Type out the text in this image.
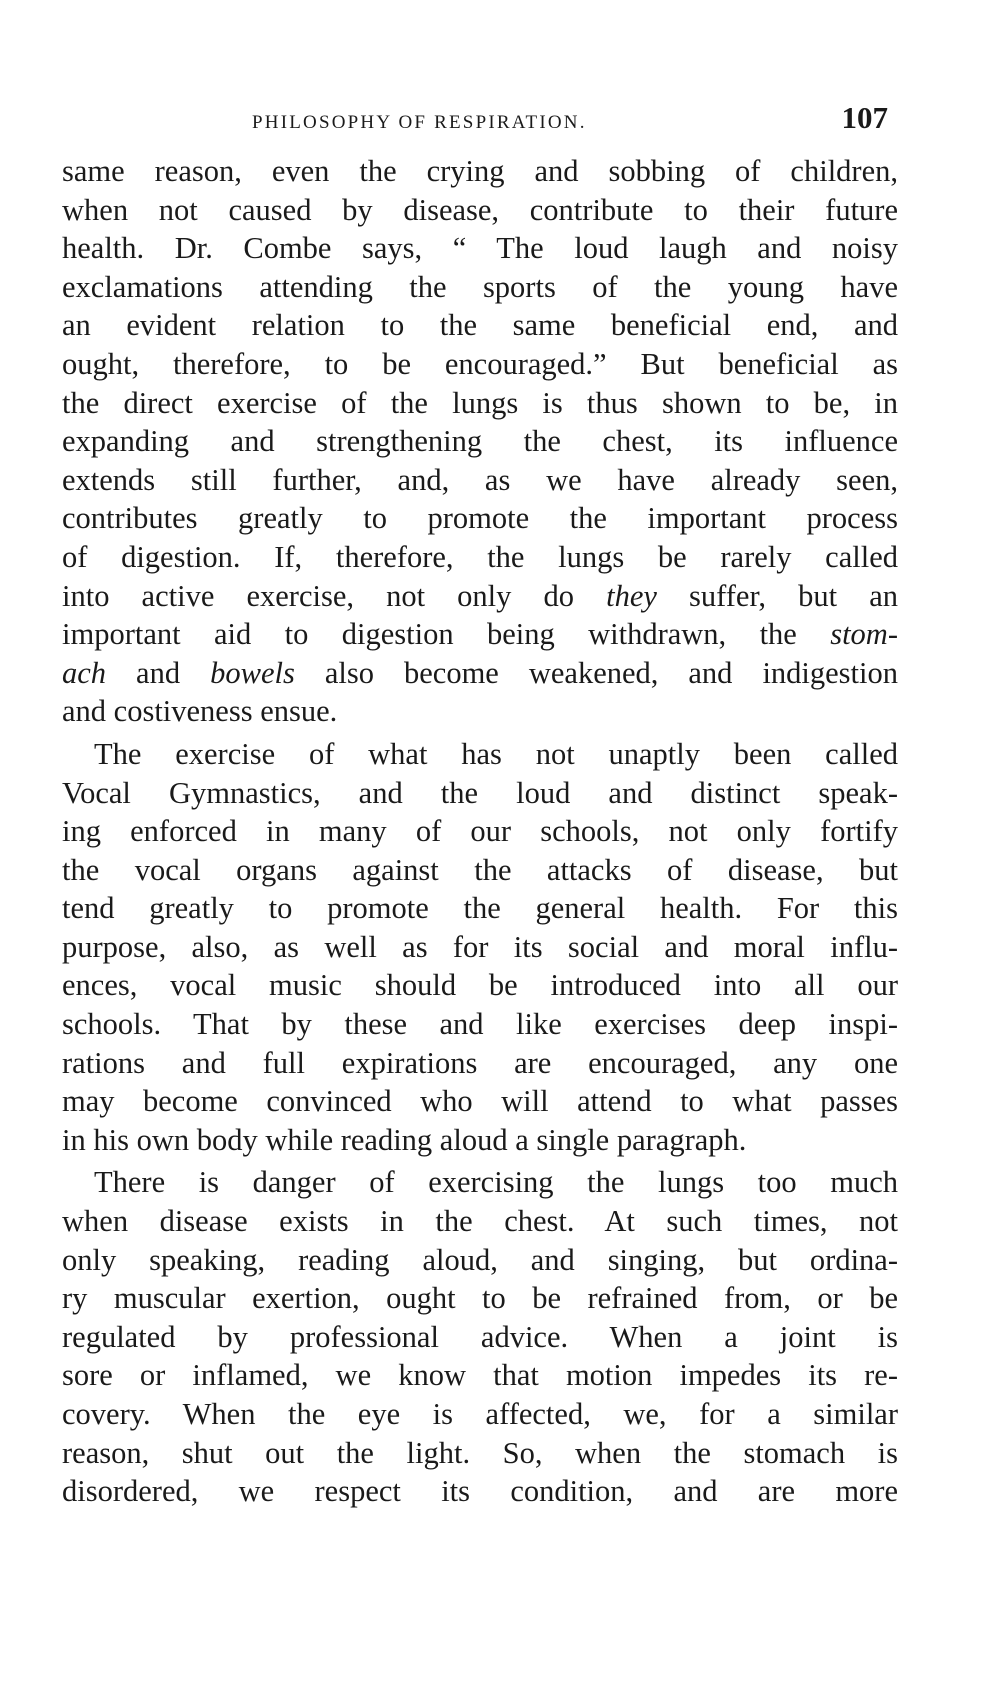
PHILOSOPHY OF RESPIRATION.	107
same reason, even the crying and sobbing of children,
when not caused by disease, contribute to their future
health. Dr. Combe says, “ The loud laugh and noisy
exclamations attending the sports of the young have
an evident relation to the same beneficial end, and
ought, therefore, to be encouraged.” But beneficial as
the direct exercise of the lungs is thus shown to be, in
expanding and strengthening the chest, its influence
extends still further, and, as we have already seen,
contributes greatly to promote the important process
of digestion. If, therefore, the lungs be rarely called
into active exercise, not only do they suffer, but an
important aid to digestion being withdrawn, the stom-
ach and bowels also become weakened, and indigestion
and costiveness ensue.
The exercise of what has not unaptly been called
Vocal Gymnastics, and the loud and distinct speak-
ing enforced in many of our schools, not only fortify
the vocal organs against the attacks of disease, but
tend greatly to promote the general health. For this
purpose, also, as well as for its social and moral influ-
ences, vocal music should be introduced into all our
schools. That by these and like exercises deep inspi-
rations and full expirations are encouraged, any one
may become convinced who will attend to what passes
in his own body while reading aloud a single paragraph.
There is danger of exercising the lungs too much
when disease exists in the chest. At such times, not
only speaking, reading aloud, and singing, but ordina-
ry muscular exertion, ought to be refrained from, or be
regulated by professional advice. When a joint is
sore or inflamed, we know that motion impedes its re-
covery. When the eye is affected, we, for a similar
reason, shut out the light. So, when the stomach is
disordered, we respect its condition, and are more
